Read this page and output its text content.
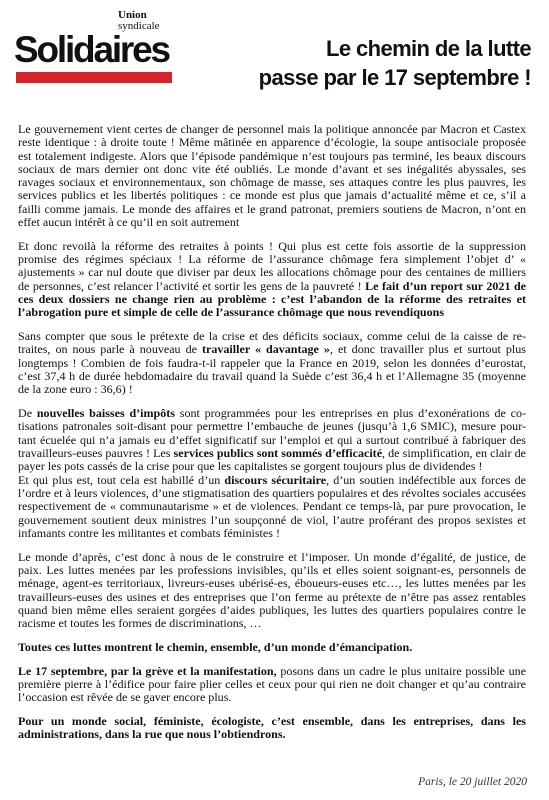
Union
syndicale
Solidaires	Le chemin de la lutte
passe par le 17 septembre !

Le gouvernement vient certes de changer de personnel mais la politique annoncée par Macron et Castex reste identique : à droite toute ! Même mâtinée en apparence d’écologie, la soupe antisociale proposée est totalement indigeste. Alors que l’épisode pandémique n’est toujours pas terminé, les beaux discours sociaux de mars dernier ont donc vite été oubliés. Le monde d’avant et ses inégalités abyssales, ses ravages sociaux et environnementaux, son chômage de masse, ses attaques contre les plus pauvres, les services publics et les libertés politiques : ce monde est plus que jamais d’actualité même et ce, s’il a failli comme jamais. Le monde des affaires et le grand patronat, premiers soutiens de Macron, n’ont en effet aucun intérêt à ce qu’il en soit autrement

Et donc revoilà la réforme des retraites à points ! Qui plus est cette fois assortie de la suppression promise des régimes spéciaux ! La réforme de l’assurance chômage fera simplement l’objet d’ « ajustements » car nul doute que diviser par deux les allocations chômage pour des centaines de milliers de personnes, c’est relancer l’activité et sortir les gens de la pauvreté ! Le fait d’un report sur 2021 de ces deux dossiers ne change rien au problème : c’est l’abandon de la réforme des retraites et l’abrogation pure et simple de celle de l’assurance chômage que nous revendiquons

Sans compter que sous le prétexte de la crise et des déficits sociaux, comme celui de la caisse de re-traites, on nous parle à nouveau de travailler « davantage », et donc travailler plus et surtout plus longtemps ! Combien de fois faudra-t-il rappeler que la France en 2019, selon les données d’eurostat, c’est 37,4 h de durée hebdomadaire du travail quand la Suède c’est 36,4 h et l’Allemagne 35 (moyenne de la zone euro : 36,6) !

De nouvelles baisses d’impôts sont programmées pour les entreprises en plus d’exonérations de co-tisations patronales soit-disant pour permettre l’embauche de jeunes (jusqu’à 1,6 SMIC), mesure pour-tant écuelée qui n’a jamais eu d’effet significatif sur l’emploi et qui a surtout contribué à fabriquer des travailleurs-euses pauvres ! Les services publics sont sommés d’efficacité, de simplification, en clair de payer les pots cassés de la crise pour que les capitalistes se gorgent toujours plus de dividendes !
Et qui plus est, tout cela est habillé d’un discours sécuritaire, d’un soutien indéfectible aux forces de l’ordre et à leurs violences, d’une stigmatisation des quartiers populaires et des révoltes sociales accusées respectivement de « communautarisme » et de violences. Pendant ce temps-là, par pure provocation, le gouvernement soutient deux ministres l’un soupçonné de viol, l’autre proférant des propos sexistes et infamants contre les militantes et combats féministes !

Le monde d’après, c’est donc à nous de le construire et l’imposer. Un monde d’égalité, de justice, de paix. Les luttes menées par les professions invisibles, qu’ils et elles soient soignant-es, personnels de ménage, agent-es territoriaux, livreurs-euses ubérisé-es, éboueurs-euses etc…, les luttes menées par les travailleurs-euses des usines et des entreprises que l’on ferme au prétexte de n’être pas assez rentables quand bien même elles seraient gorgées d’aides publiques, les luttes des quartiers populaires contre le racisme et toutes les formes de discriminations, …

Toutes ces luttes montrent le chemin, ensemble, d’un monde d’émancipation.

Le 17 septembre, par la grève et la manifestation, posons dans un cadre le plus unitaire possible une première pierre à l’édifice pour faire plier celles et ceux pour qui rien ne doit changer et qu’au contraire l’occasion est rêvée de se gaver encore plus.

Pour un monde social, féministe, écologiste, c’est ensemble, dans les entreprises, dans les administrations, dans la rue que nous l’obtiendrons.

Paris, le 20 juillet 2020
